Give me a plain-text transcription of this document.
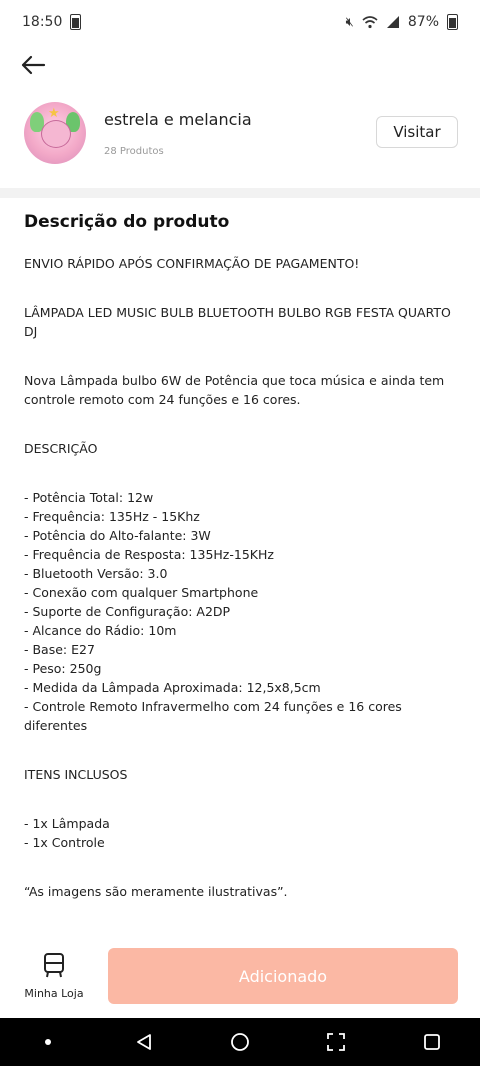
18:50	🔇︎	87%
★	estrela e melancia
28 Produtos
Visitar
Descrição do produto

ENVIO RÁPIDO APÓS CONFIRMAÇÃO DE PAGAMENTO!

LÂMPADA LED MUSIC BULB BLUETOOTH BULBO RGB FESTA QUARTO DJ

Nova Lâmpada bulbo 6W de Potência que toca música e ainda tem controle remoto com 24 funções e 16 cores.

DESCRIÇÃO

- Potência Total: 12w
- Frequência: 135Hz - 15Khz
- Potência do Alto-falante: 3W
- Frequência de Resposta: 135Hz-15KHz
- Bluetooth Versão: 3.0
- Conexão com qualquer Smartphone
- Suporte de Configuração: A2DP
- Alcance do Rádio: 10m
- Base: E27
- Peso: 250g
- Medida da Lâmpada Aproximada: 12,5x8,5cm
- Controle Remoto Infravermelho com 24 funções e 16 cores diferentes

ITENS INCLUSOS

- 1x Lâmpada
- 1x Controle

“As imagens são meramente ilustrativas”.

Minha Loja
Adicionado
